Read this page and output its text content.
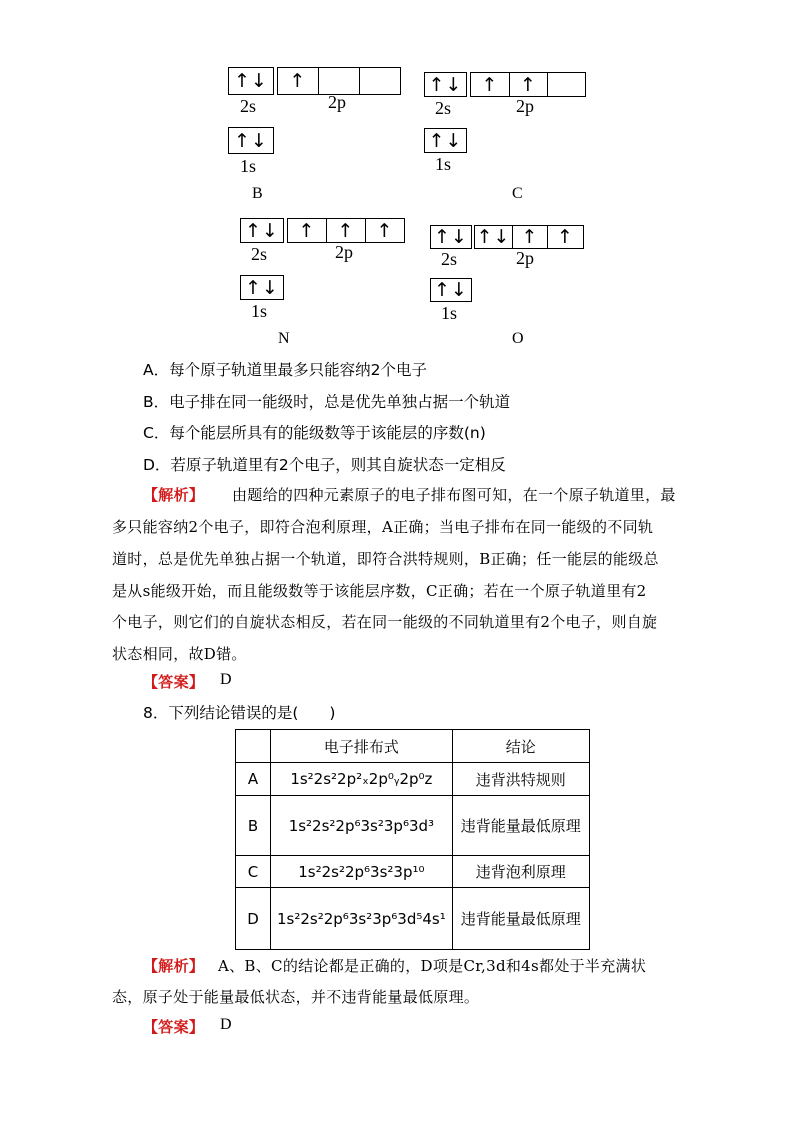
↑↓	↑
2s	2p
↑↓
1s
B
↑↓	↑	↑
2s	2p
↑↓
1s
C
↑↓	↑	↑	↑
2s	2p
↑↓
1s
N
↑↓ ↑↓ ↑ ↑
2s	2p
↑↓
1s
O
A．每个原子轨道里最多只能容纳2个电子
B．电子排在同一能级时，总是优先单独占据一个轨道
C．每个能层所具有的能级数等于该能层的序数(n)
D．若原子轨道里有2个电子，则其自旋状态一定相反
【解析】 由题给的四种元素原子的电子排布图可知，在一个原子轨道里，最
多只能容纳2个电子，即符合泡利原理，A正确；当电子排布在同一能级的不同轨
道时，总是优先单独占据一个轨道，即符合洪特规则，B正确；任一能层的能级总
是从s能级开始，而且能级数等于该能层序数，C正确；若在一个原子轨道里有2
个电子，则它们的自旋状态相反，若在同一能级的不同轨道里有2个电子，则自旋
状态相同，故D错。
【答案】 D
8．下列结论错误的是(　　)
	电子排布式	结论
A	1s²2s²2p²ₓ2p⁰ᵧ2p⁰z	违背洪特规则
B	1s²2s²2p⁶3s²3p⁶3d³	违背能量最低原理
C	1s²2s²2p⁶3s²3p¹⁰	违背泡利原理
D	1s²2s²2p⁶3s²3p⁶3d⁵4s¹	违背能量最低原理
【解析】 A、B、C的结论都是正确的，D项是Cr,3d和4s都处于半充满状
态，原子处于能量最低状态，并不违背能量最低原理。
【答案】 D
